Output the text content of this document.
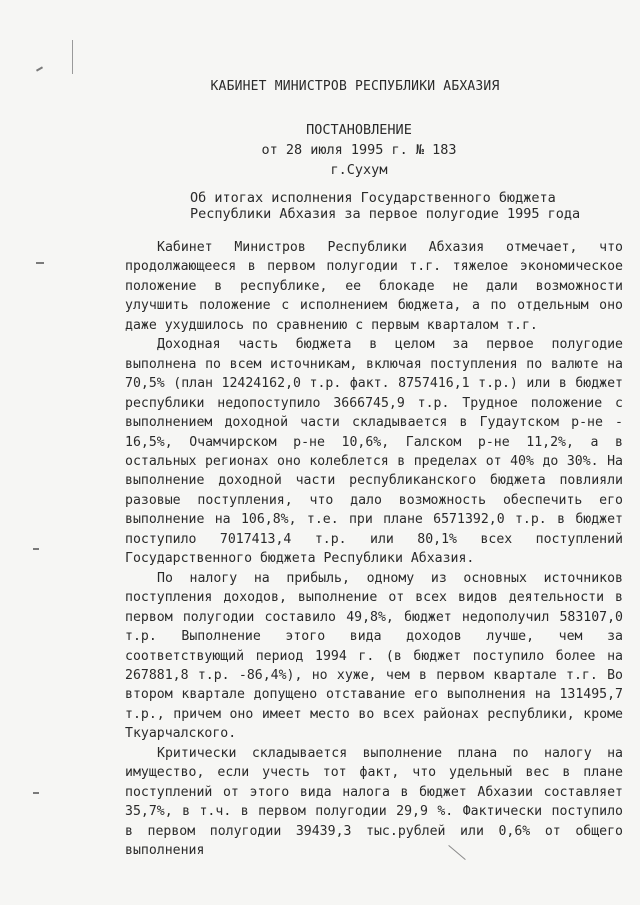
КАБИНЕТ МИНИСТРОВ РЕСПУБЛИКИ АБХАЗИЯ
ПОСТАНОВЛЕНИЕ
от 28 июля 1995 г. № 183
г.Сухум
Об итогах исполнения Государственного бюджета
Республики Абхазия за первое полугодие 1995 года

Кабинет Министров Республики Абхазия отмечает, что продолжающееся в первом полугодии т.г. тяжелое экономическое положение в республике, ее блокаде не дали возможности улучшить положение с исполнением бюджета, а по отдельным оно даже ухудшилось по сравнению с первым кварталом т.г.

Доходная часть бюджета в целом за первое полугодие выполнена по всем источникам, включая поступления по валюте на 70,5% (план 12424162,0 т.р. факт. 8757416,1 т.р.) или в бюджет республики недопоступило 3666745,9 т.р. Трудное положение с выполнением доходной части складывается в Гудаутском р-не - 16,5%, Очамчирском р-не 10,6%, Галском р-не 11,2%, а в остальных регионах оно колеблется в пределах от 40% до 30%. На выполнение доходной части республиканского бюджета повлияли разовые поступления, что дало возможность обеспечить его выполнение на 106,8%, т.е. при плане 6571392,0 т.р. в бюджет поступило 7017413,4 т.р. или 80,1% всех поступлений Государственного бюджета Республики Абхазия.

По налогу на прибыль, одному из основных источников поступления доходов, выполнение от всех видов деятельности в первом полугодии составило 49,8%, бюджет недополучил 583107,0 т.р. Выполнение этого вида доходов лучше, чем за соответствующий период 1994 г. (в бюджет поступило более на 267881,8 т.р. -86,4%), но хуже, чем в первом квартале т.г. Во втором квартале допущено отставание его выполнения на 131495,7 т.р., причем оно имеет место во всех районах республики, кроме Ткуарчалского.

Критически складывается выполнение плана по налогу на имущество, если учесть тот факт, что удельный вес в плане поступлений от этого вида налога в бюджет Абхазии составляет 35,7%, в т.ч. в первом полугодии 29,9 %. Фактически поступило в первом полугодии 39439,3 тыс.рублей или 0,6% от общего выполнения
